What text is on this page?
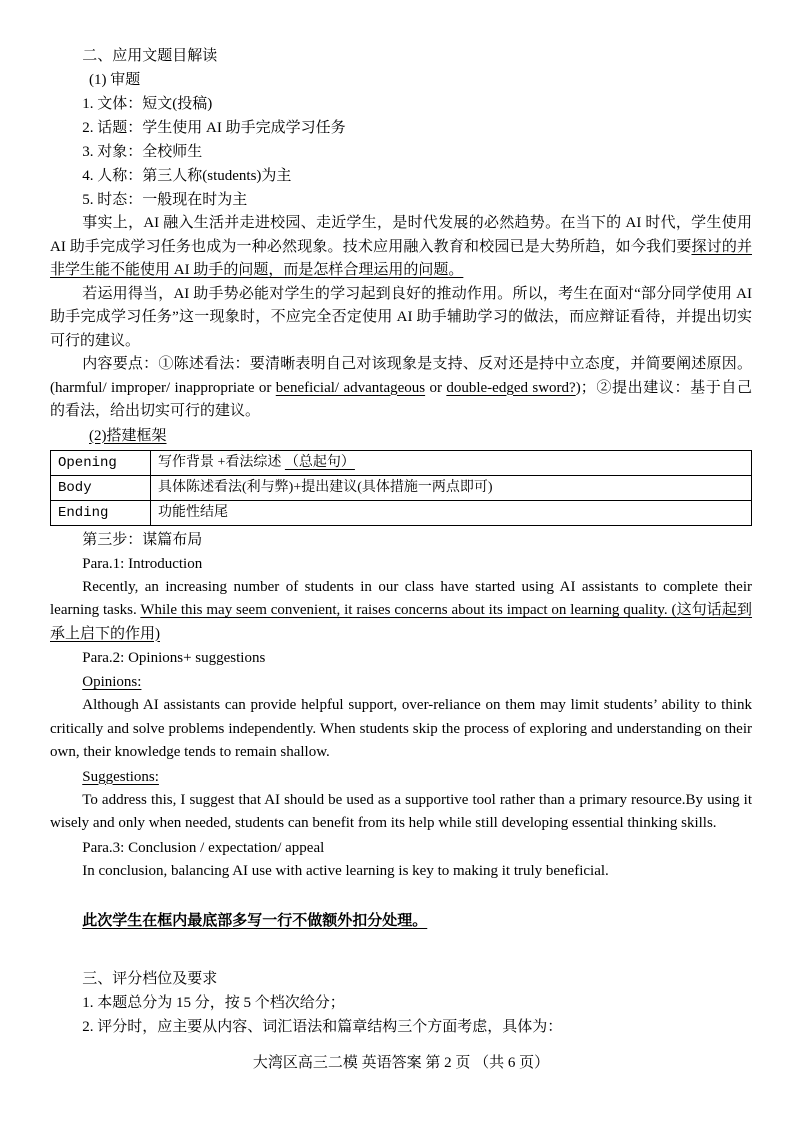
二、应用文题目解读

(1) 审题

1. 文体：短文(投稿)

2. 话题：学生使用 AI 助手完成学习任务

3. 对象：全校师生

4. 人称：第三人称(students)为主

5. 时态：一般现在时为主

事实上，AI 融入生活并走进校园、走近学生，是时代发展的必然趋势。在当下的 AI 时代，学生使用 AI 助手完成学习任务也成为一种必然现象。技术应用融入教育和校园已是大势所趋，如今我们要探讨的并非学生能不能使用 AI 助手的问题，而是怎样合理运用的问题。

若运用得当，AI 助手势必能对学生的学习起到良好的推动作用。所以，考生在面对“部分同学使用 AI 助手完成学习任务”这一现象时，不应完全否定使用 AI 助手辅助学习的做法，而应辩证看待，并提出切实可行的建议。

内容要点：①陈述看法：要清晰表明自己对该现象是支持、反对还是持中立态度，并简要阐述原因。(harmful/ improper/ inappropriate or beneficial/ advantageous or double-edged sword?)；②提出建议：基于自己的看法，给出切实可行的建议。

(2)搭建框架

Opening	写作背景 +看法综述 （总起句）
Body	具体陈述看法(利与弊)+提出建议(具体措施一两点即可)
Ending	功能性结尾

第三步：谋篇布局

Para.1: Introduction

Recently, an increasing number of students in our class have started using AI assistants to complete their learning tasks. While this may seem convenient, it raises concerns about its impact on learning quality. (这句话起到承上启下的作用)

Para.2: Opinions+ suggestions

Opinions:

Although AI assistants can provide helpful support, over-reliance on them may limit students’ ability to think critically and solve problems independently. When students skip the process of exploring and understanding on their own, their knowledge tends to remain shallow.

Suggestions:

To address this, I suggest that AI should be used as a supportive tool rather than a primary resource.By using it wisely and only when needed, students can benefit from its help while still developing essential thinking skills.

Para.3: Conclusion / expectation/ appeal

In conclusion, balancing AI use with active learning is key to making it truly beneficial.

此次学生在框内最底部多写一行不做额外扣分处理。

三、评分档位及要求

1. 本题总分为 15 分，按 5 个档次给分；

2. 评分时，应主要从内容、词汇语法和篇章结构三个方面考虑，具体为：

大湾区高三二模 英语答案 第 2 页 （共 6 页）
